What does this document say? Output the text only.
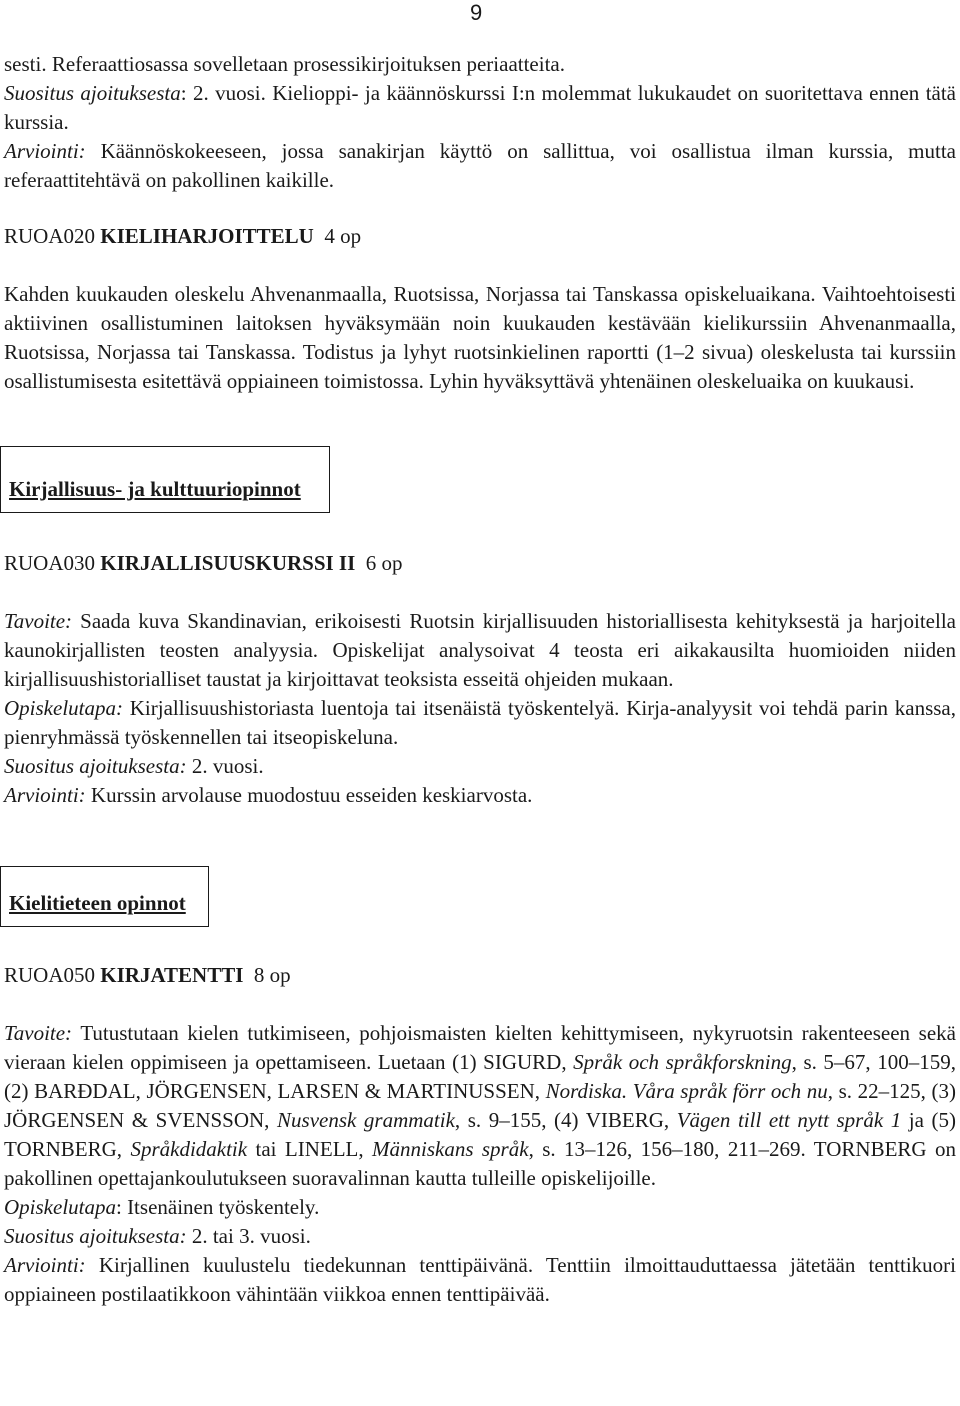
9

sesti. Referaattiosassa sovelletaan prosessikirjoituksen periaatteita.

Suositus ajoituksesta: 2. vuosi. Kielioppi- ja käännöskurssi I:n molemmat lukukaudet on suoritettava ennen tätä kurssia.

Arviointi: Käännöskokeeseen, jossa sanakirjan käyttö on sallittua, voi osallistua ilman kurssia, mutta referaattitehtävä on pakollinen kaikille.

RUOA020 KIELIHARJOITTELU  4 op

Kahden kuukauden oleskelu Ahvenanmaalla, Ruotsissa, Norjassa tai Tanskassa opiskeluaikana. Vaihtoehtoisesti aktiivinen osallistuminen laitoksen hyväksymään noin kuukauden kestävään kielikurssiin Ahvenanmaalla, Ruotsissa, Norjassa tai Tanskassa. Todistus ja lyhyt ruotsinkielinen raportti (1–2 sivua) oleskelusta tai kurssiin osallistumisesta esitettävä oppiaineen toimistossa. Lyhin hyväksyttävä yhtenäinen oleskeluaika on kuukausi.

Kirjallisuus- ja kulttuuriopinnot

RUOA030 KIRJALLISUUSKURSSI II  6 op

Tavoite: Saada kuva Skandinavian, erikoisesti Ruotsin kirjallisuuden historiallisesta kehityksestä ja harjoitella kaunokirjallisten teosten analyysia. Opiskelijat analysoivat 4 teosta eri aikakausilta huomioiden niiden kirjallisuushistorialliset taustat ja kirjoittavat teoksista esseitä ohjeiden mukaan.

Opiskelutapa: Kirjallisuushistoriasta luentoja tai itsenäistä työskentelyä. Kirja-analyysit voi tehdä parin kanssa, pienryhmässä työskennellen tai itseopiskeluna.

Suositus ajoituksesta: 2. vuosi.

Arviointi: Kurssin arvolause muodostuu esseiden keskiarvosta.

Kielitieteen opinnot

RUOA050 KIRJATENTTI  8 op

Tavoite: Tutustutaan kielen tutkimiseen, pohjoismaisten kielten kehittymiseen, nykyruotsin rakenteeseen sekä vieraan kielen oppimiseen ja opettamiseen. Luetaan (1) SIGURD, Språk och språkforskning, s. 5–67, 100–159, (2) BARÐDAL, JÖRGENSEN, LARSEN & MARTINUSSEN, Nordiska. Våra språk förr och nu, s. 22–125, (3) JÖRGENSEN & SVENSSON, Nusvensk grammatik, s. 9–155, (4) VIBERG, Vägen till ett nytt språk 1 ja (5) TORNBERG, Språkdidaktik tai LINELL, Människans språk, s. 13–126, 156–180, 211–269. TORNBERG on pakollinen opettajankoulutukseen suoravalinnan kautta tulleille opiskelijoille.

Opiskelutapa: Itsenäinen työskentely.

Suositus ajoituksesta: 2. tai 3. vuosi.

Arviointi: Kirjallinen kuulustelu tiedekunnan tenttipäivänä. Tenttiin ilmoittauduttaessa jätetään tenttikuori oppiaineen postilaatikkoon vähintään viikkoa ennen tenttipäivää.
